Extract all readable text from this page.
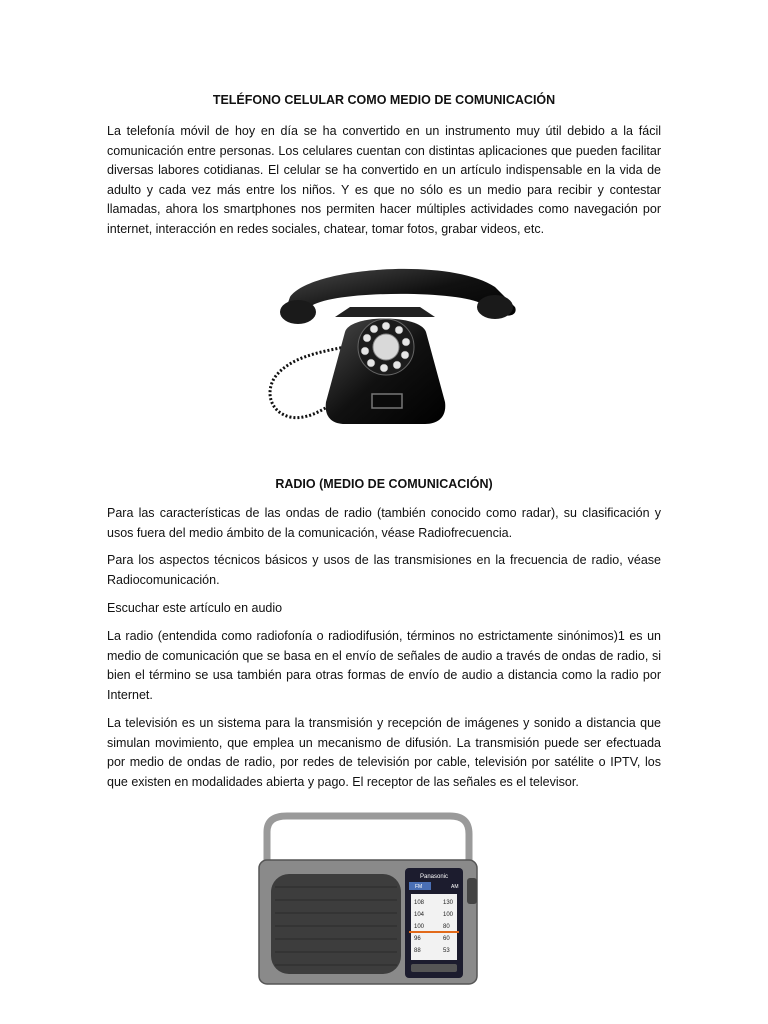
TELÉFONO CELULAR COMO MEDIO DE COMUNICACIÓN

La telefonía móvil de hoy en día se ha convertido en un instrumento muy útil debido a la fácil comunicación entre personas. Los celulares cuentan con distintas aplicaciones que pueden facilitar diversas labores cotidianas. El celular se ha convertido en un artículo indispensable en la vida de adulto y cada vez más entre los niños. Y es que no sólo es un medio para recibir y contestar llamadas, ahora los smartphones nos permiten hacer múltiples actividades como navegación por internet, interacción en redes sociales, chatear, tomar fotos, grabar videos, etc.

RADIO (MEDIO DE COMUNICACIÓN)

Para las características de las ondas de radio (también conocido como radar), su clasificación y usos fuera del medio ámbito de la comunicación, véase Radiofrecuencia.

Para los aspectos técnicos básicos y usos de las transmisiones en la frecuencia de radio, véase Radiocomunicación.

Escuchar este artículo en audio

La radio (entendida como radiofonía o radiodifusión, términos no estrictamente sinónimos)1 es un medio de comunicación que se basa en el envío de señales de audio a través de ondas de radio, si bien el término se usa también para otras formas de envío de audio a distancia como la radio por Internet.

La televisión es un sistema para la transmisión y recepción de imágenes y sonido a distancia que simulan movimiento, que emplea un mecanismo de difusión. La transmisión puede ser efectuada por medio de ondas de radio, por redes de televisión por cable, televisión por satélite o IPTV, los que existen en modalidades abierta y pago. El receptor de las señales es el televisor.

Panasonic
FM	AM
108
104
100
96
88
130
100
80
60
53
